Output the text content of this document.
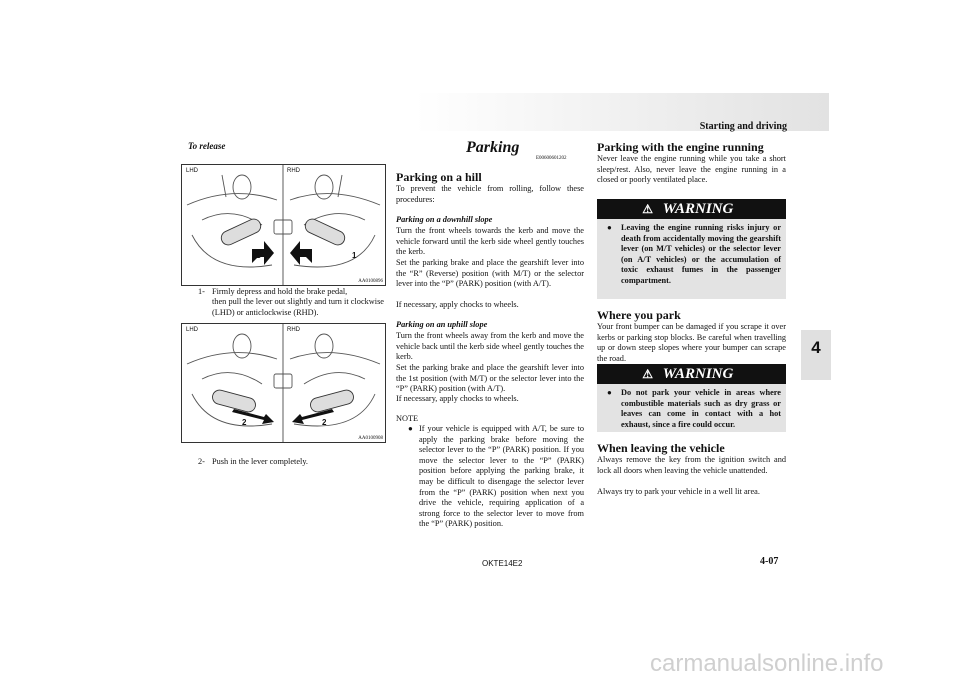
Starting and driving
4
To release
LHD	RHD
1	1
AA0100896
1- Firmly depress and hold the brake pedal,
then pull the lever out slightly and turn it clockwise (LHD) or anticlockwise (RHD).
LHD	RHD
2	2
AA0100908
2- Push in the lever completely.
Parking
E00600601202
Parking on a hill
To prevent the vehicle from rolling, follow these procedures:
Parking on a downhill slope
Turn the front wheels towards the kerb and move the vehicle forward until the kerb side wheel gently touches the kerb.
Set the parking brake and place the gearshift lever into the “R” (Reverse) position (with M/T) or the selector lever into the “P” (PARK) position (with A/T).
If necessary, apply chocks to wheels.
Parking on an uphill slope
Turn the front wheels away from the kerb and move the vehicle back until the kerb side wheel gently touches the kerb.
Set the parking brake and place the gearshift lever into the 1st position (with M/T) or the selector lever into the “P” (PARK) position (with A/T).
If necessary, apply chocks to wheels.
NOTE
● If your vehicle is equipped with A/T, be sure to apply the parking brake before moving the selector lever to the “P” (PARK) position. If you move the selector lever to the “P” (PARK) position before applying the parking brake, it may be difficult to disengage the selector lever from the “P” (PARK) position when next you drive the vehicle, requiring application of a strong force to the selector lever to move from the “P” (PARK) position.
Parking with the engine running
Never leave the engine running while you take a short sleep/rest. Also, never leave the engine running in a closed or poorly ventilated place.
⚠ WARNING
● Leaving the engine running risks injury or death from accidentally moving the gearshift lever (on M/T vehicles) or the selector lever (on A/T vehicles) or the accumulation of toxic exhaust fumes in the passenger compartment.
Where you park
Your front bumper can be damaged if you scrape it over kerbs or parking stop blocks. Be careful when travelling up or down steep slopes where your bumper can scrape the road.
⚠ WARNING
● Do not park your vehicle in areas where combustible materials such as dry grass or leaves can come in contact with a hot exhaust, since a fire could occur.
When leaving the vehicle
Always remove the key from the ignition switch and lock all doors when leaving the vehicle unattended.
Always try to park your vehicle in a well lit area.
OKTE14E2	4-07
carmanualsonline.info
